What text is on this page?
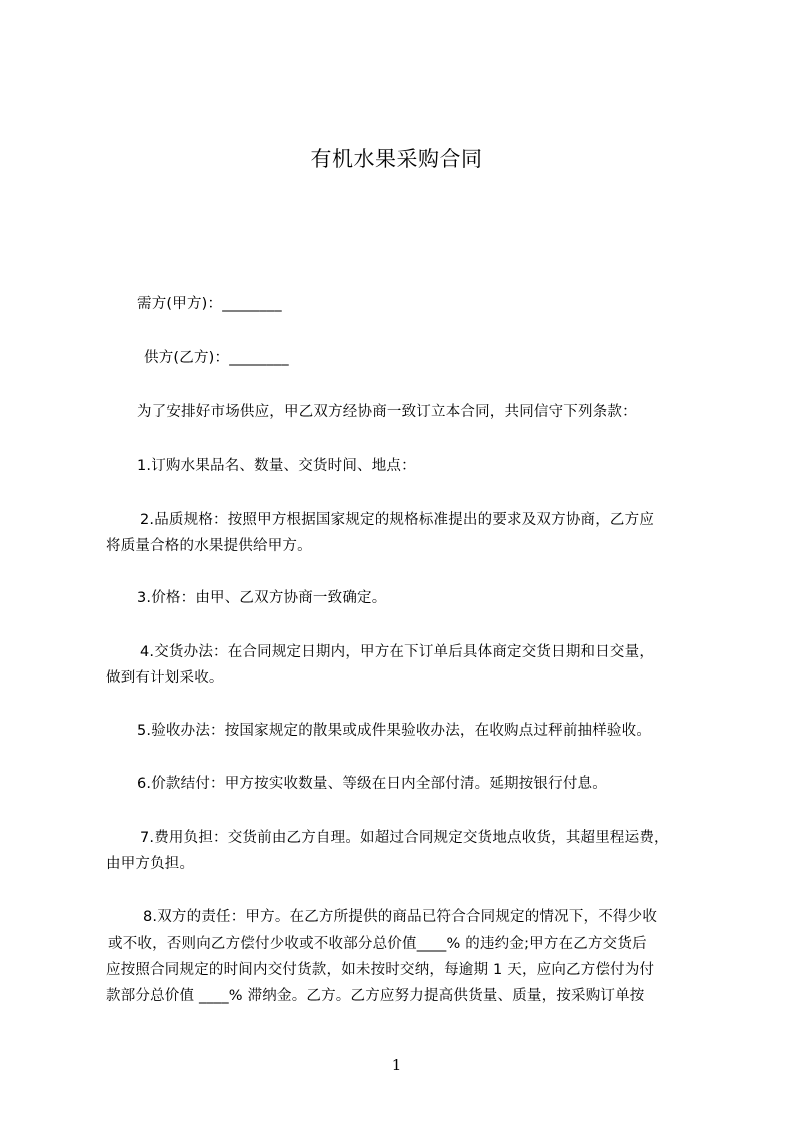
有机水果采购合同
需方(甲方)：________
供方(乙方)：________
为了安排好市场供应，甲乙双方经协商一致订立本合同，共同信守下列条款：
1.订购水果品名、数量、交货时间、地点：
2.品质规格：按照甲方根据国家规定的规格标准提出的要求及双方协商，乙方应
将质量合格的水果提供给甲方。
3.价格：由甲、乙双方协商一致确定。
4.交货办法：在合同规定日期内，甲方在下订单后具体商定交货日期和日交量，
做到有计划采收。
5.验收办法：按国家规定的散果或成件果验收办法，在收购点过秤前抽样验收。
6.价款结付：甲方按实收数量、等级在日内全部付清。延期按银行付息。
7.费用负担：交货前由乙方自理。如超过合同规定交货地点收货，其超里程运费，
由甲方负担。
8.双方的责任：甲方。在乙方所提供的商品已符合合同规定的情况下，不得少收
或不收，否则向乙方偿付少收或不收部分总价值____% 的违约金;甲方在乙方交货后
应按照合同规定的时间内交付货款，如未按时交纳，每逾期 1 天，应向乙方偿付为付
款部分总价值 ____% 滞纳金。乙方。乙方应努力提高供货量、质量，按采购订单按
1
